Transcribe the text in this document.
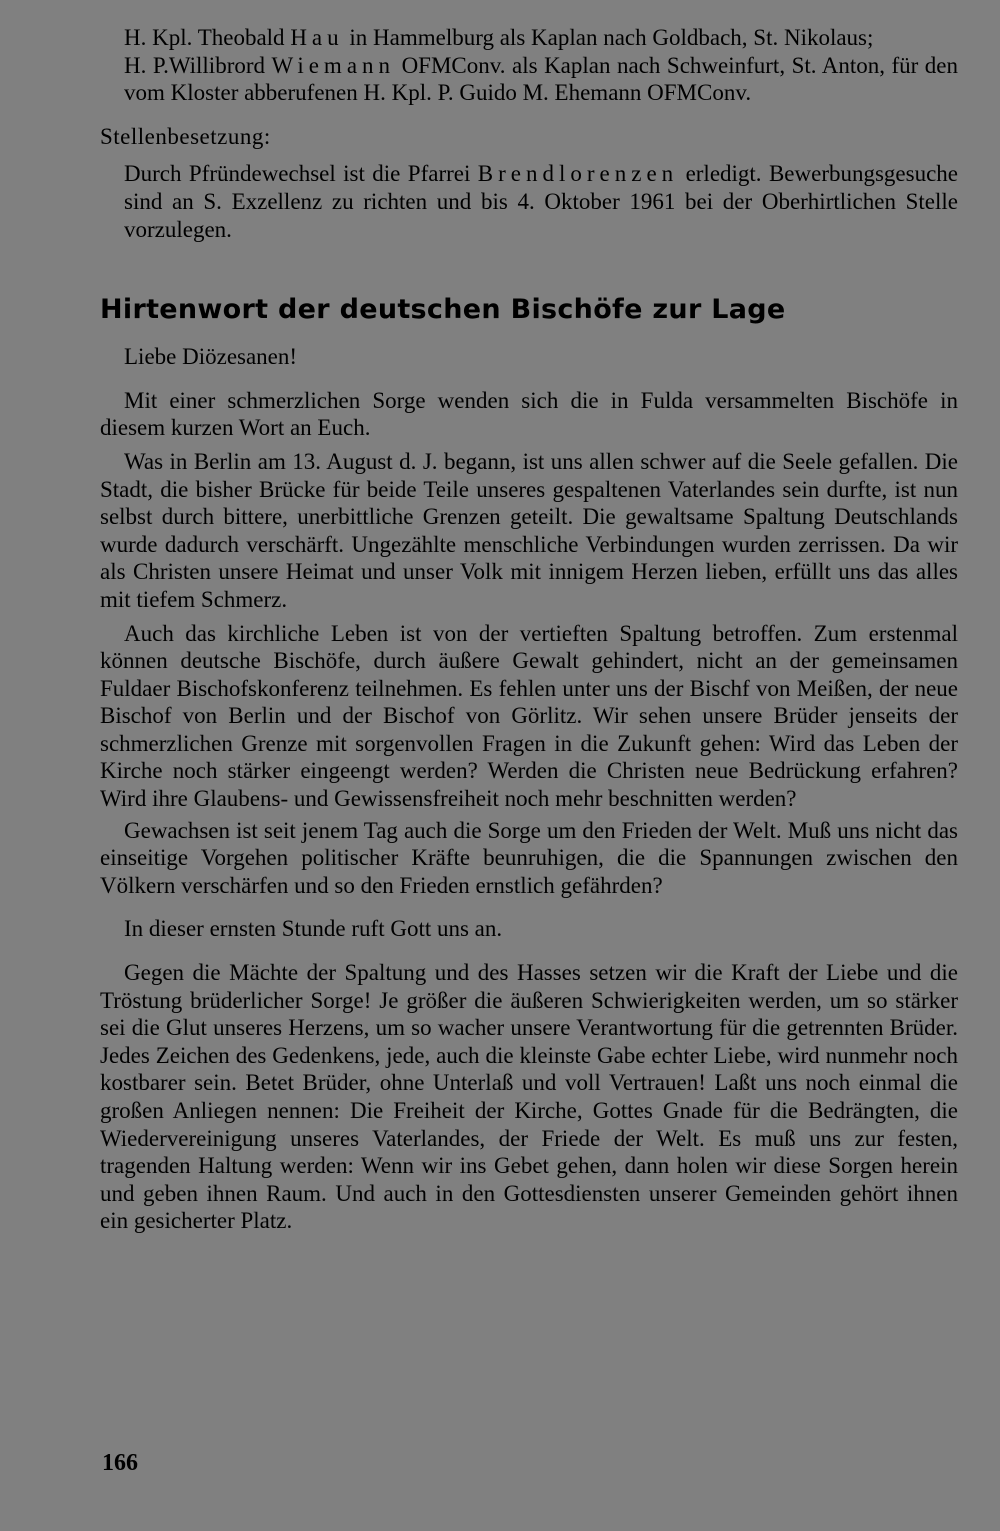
H. Kpl. Theobald Hau in Hammelburg als Kaplan nach Goldbach, St. Nikolaus;
H. P.Willibrord Wiemann OFMConv. als Kaplan nach Schweinfurt, St. Anton, für den vom Kloster abberufenen H. Kpl. P. Guido M. Ehemann OFMConv.
Stellenbesetzung:
Durch Pfründewechsel ist die Pfarrei Brendlorenzen erledigt. Bewerbungsgesuche sind an S. Exzellenz zu richten und bis 4. Oktober 1961 bei der Oberhirtlichen Stelle vorzulegen.
Hirtenwort der deutschen Bischöfe zur Lage
Liebe Diözesanen!

Mit einer schmerzlichen Sorge wenden sich die in Fulda versammelten Bischöfe in diesem kurzen Wort an Euch.

Was in Berlin am 13. August d. J. begann, ist uns allen schwer auf die Seele gefallen. Die Stadt, die bisher Brücke für beide Teile unseres gespaltenen Vaterlandes sein durfte, ist nun selbst durch bittere, unerbittliche Grenzen geteilt. Die gewaltsame Spaltung Deutschlands wurde dadurch verschärft. Ungezählte menschliche Verbindungen wurden zerrissen. Da wir als Christen unsere Heimat und unser Volk mit innigem Herzen lieben, erfüllt uns das alles mit tiefem Schmerz.

Auch das kirchliche Leben ist von der vertieften Spaltung betroffen. Zum erstenmal können deutsche Bischöfe, durch äußere Gewalt gehindert, nicht an der gemeinsamen Fuldaer Bischofskonferenz teilnehmen. Es fehlen unter uns der Bischf von Meißen, der neue Bischof von Berlin und der Bischof von Görlitz. Wir sehen unsere Brüder jenseits der schmerzlichen Grenze mit sorgenvollen Fragen in die Zukunft gehen: Wird das Leben der Kirche noch stärker eingeengt werden? Werden die Christen neue Bedrückung erfahren? Wird ihre Glaubens- und Gewissensfreiheit noch mehr beschnitten werden?

Gewachsen ist seit jenem Tag auch die Sorge um den Frieden der Welt. Muß uns nicht das einseitige Vorgehen politischer Kräfte beunruhigen, die die Spannungen zwischen den Völkern verschärfen und so den Frieden ernstlich gefährden?

In dieser ernsten Stunde ruft Gott uns an.

Gegen die Mächte der Spaltung und des Hasses setzen wir die Kraft der Liebe und die Tröstung brüderlicher Sorge! Je größer die äußeren Schwierigkeiten werden, um so stärker sei die Glut unseres Herzens, um so wacher unsere Verantwortung für die getrennten Brüder. Jedes Zeichen des Gedenkens, jede, auch die kleinste Gabe echter Liebe, wird nunmehr noch kostbarer sein. Betet Brüder, ohne Unterlaß und voll Vertrauen! Laßt uns noch einmal die großen Anliegen nennen: Die Freiheit der Kirche, Gottes Gnade für die Bedrängten, die Wiedervereinigung unseres Vaterlandes, der Friede der Welt. Es muß uns zur festen, tragenden Haltung werden: Wenn wir ins Gebet gehen, dann holen wir diese Sorgen herein und geben ihnen Raum. Und auch in den Gottesdiensten unserer Gemeinden gehört ihnen ein gesicherter Platz.

166
